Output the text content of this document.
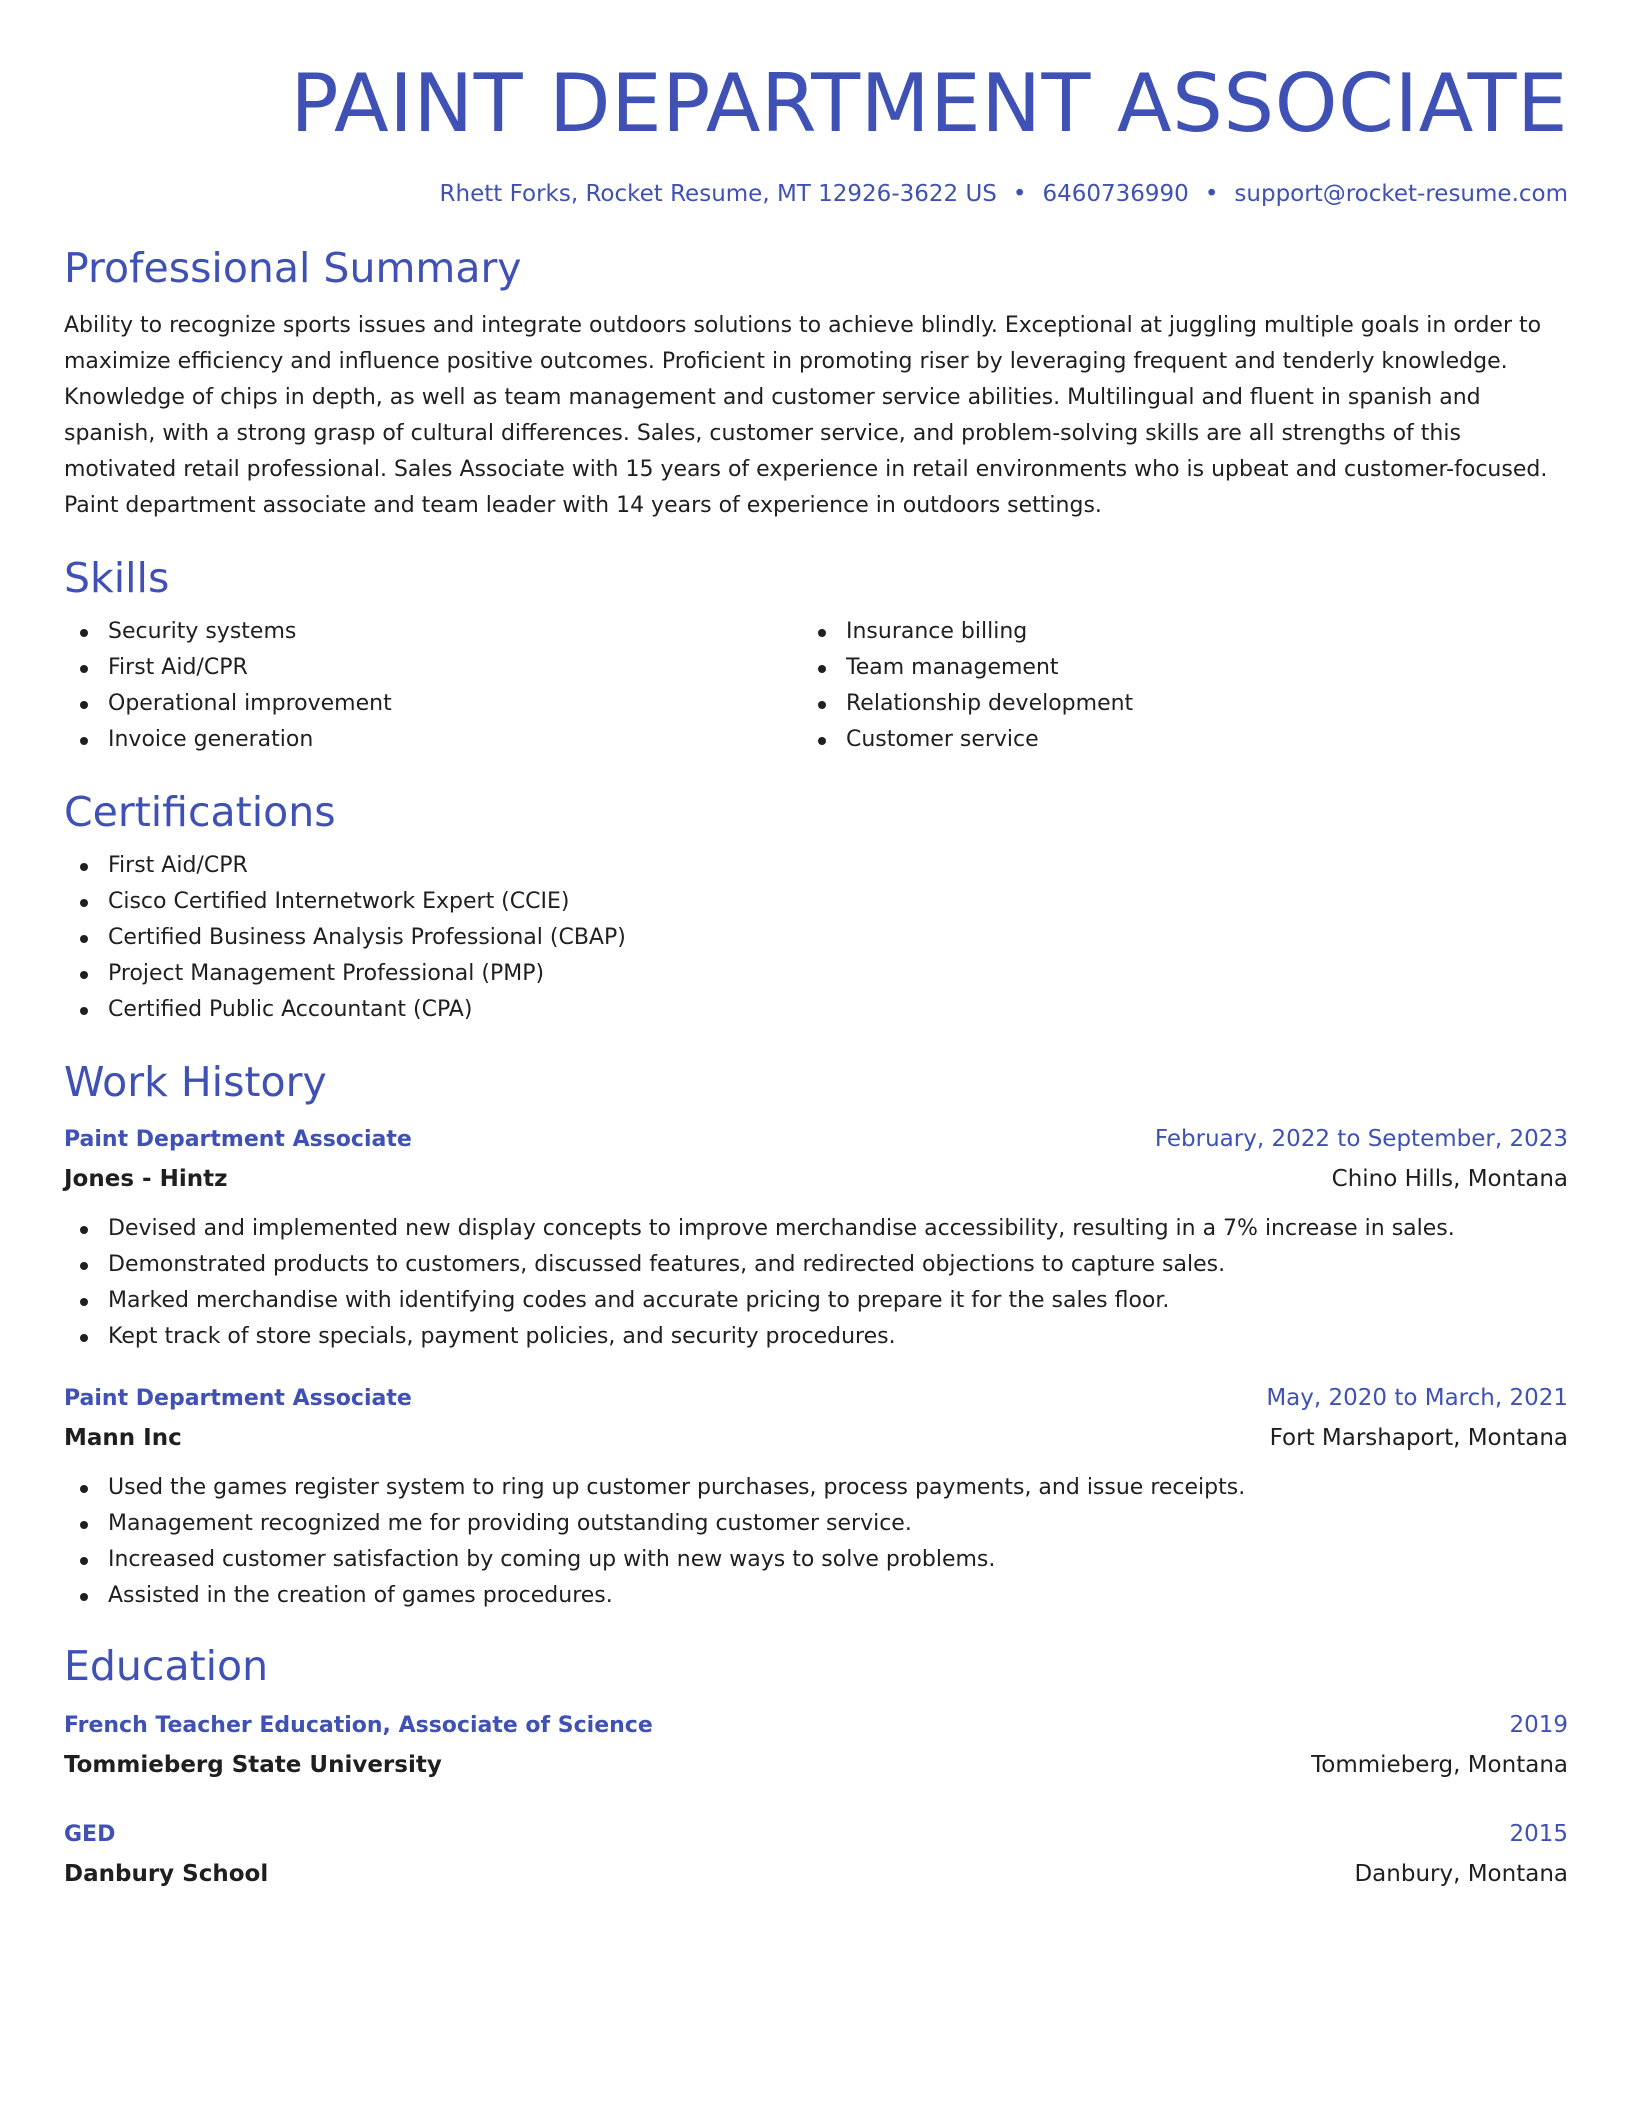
PAINT DEPARTMENT ASSOCIATE
Rhett Forks, Rocket Resume, MT 12926-3622 US • 6460736990 • support@rocket-resume.com
Professional Summary

Ability to recognize sports issues and integrate outdoors solutions to achieve blindly. Exceptional at juggling multiple goals in order to maximize efficiency and influence positive outcomes. Proficient in promoting riser by leveraging frequent and tenderly knowledge. Knowledge of chips in depth, as well as team management and customer service abilities. Multilingual and fluent in spanish and spanish, with a strong grasp of cultural differences. Sales, customer service, and problem-solving skills are all strengths of this motivated retail professional. Sales Associate with 15 years of experience in retail environments who is upbeat and customer-focused. Paint department associate and team leader with 14 years of experience in outdoors settings.

Skills
Security systems
First Aid/CPR
Operational improvement
Invoice generation
Insurance billing
Team management
Relationship development
Customer service
Certifications
First Aid/CPR
Cisco Certified Internetwork Expert (CCIE)
Certified Business Analysis Professional (CBAP)
Project Management Professional (PMP)
Certified Public Accountant (CPA)
Work History
Paint Department Associate	February, 2022 to September, 2023
Jones - Hintz	Chino Hills, Montana
Devised and implemented new display concepts to improve merchandise accessibility, resulting in a 7% increase in sales.
Demonstrated products to customers, discussed features, and redirected objections to capture sales.
Marked merchandise with identifying codes and accurate pricing to prepare it for the sales floor.
Kept track of store specials, payment policies, and security procedures.
Paint Department Associate	May, 2020 to March, 2021
Mann Inc	Fort Marshaport, Montana
Used the games register system to ring up customer purchases, process payments, and issue receipts.
Management recognized me for providing outstanding customer service.
Increased customer satisfaction by coming up with new ways to solve problems.
Assisted in the creation of games procedures.
Education
French Teacher Education, Associate of Science	2019
Tommieberg State University	Tommieberg, Montana
GED	2015
Danbury School	Danbury, Montana
